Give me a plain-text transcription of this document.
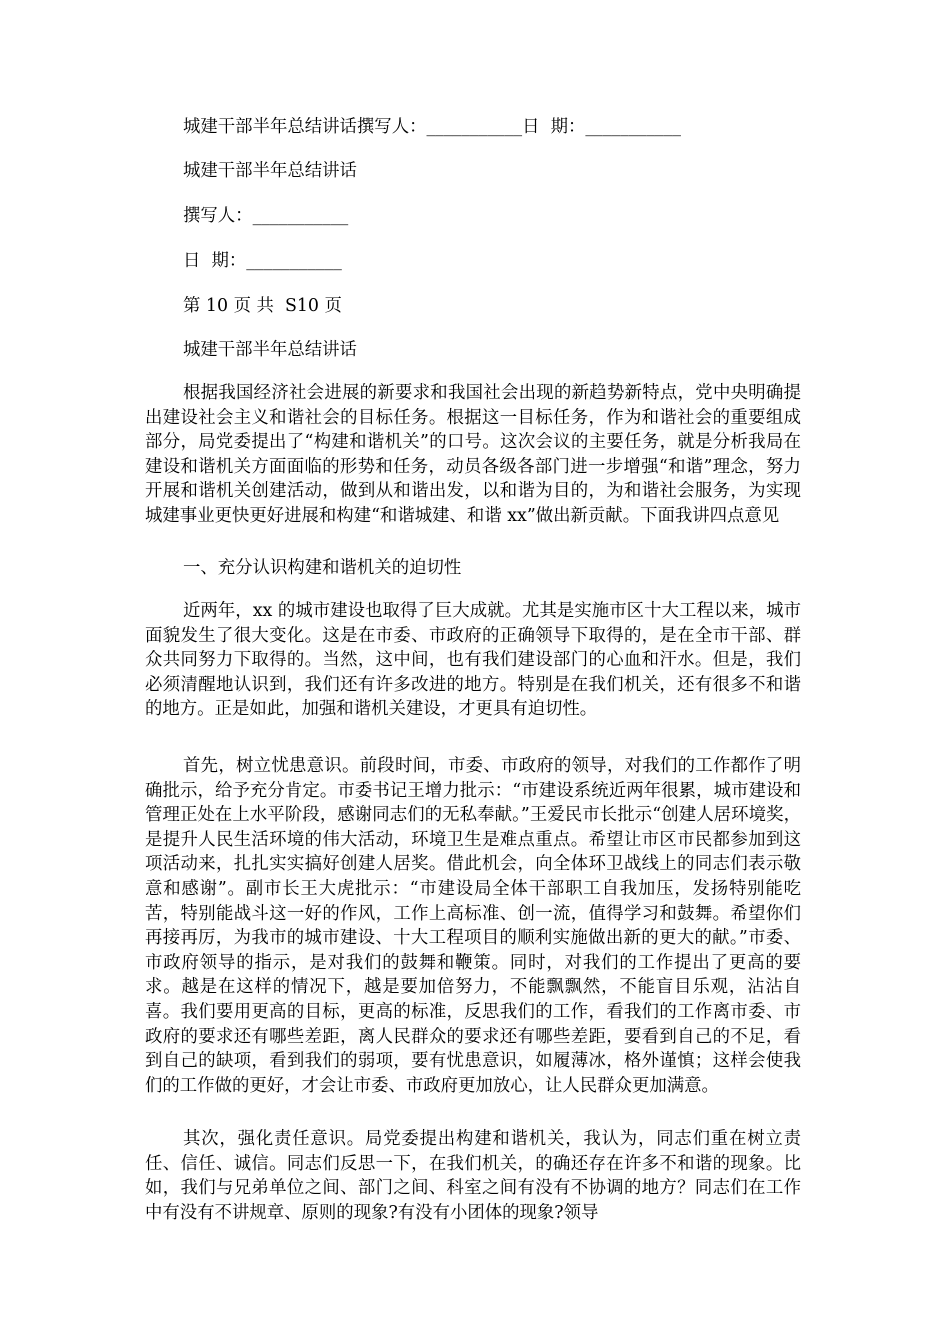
城建干部半年总结讲话撰写人：___________日  期：___________
城建干部半年总结讲话
撰写人：___________
日  期：___________
第 10 页 共  S10 页
城建干部半年总结讲话

根据我国经济社会进展的新要求和我国社会出现的新趋势新特点，党中央明确提出建设社会主义和谐社会的目标任务。根据这一目标任务，作为和谐社会的重要组成部分，局党委提出了“构建和谐机关”的口号。这次会议的主要任务，就是分析我局在建设和谐机关方面面临的形势和任务，动员各级各部门进一步增强“和谐”理念，努力开展和谐机关创建活动，做到从和谐出发，以和谐为目的，为和谐社会服务，为实现城建事业更快更好进展和构建“和谐城建、和谐 xx”做出新贡献。下面我讲四点意见

一、充分认识构建和谐机关的迫切性

近两年，xx 的城市建设也取得了巨大成就。尤其是实施市区十大工程以来，城市面貌发生了很大变化。这是在市委、市政府的正确领导下取得的，是在全市干部、群众共同努力下取得的。当然，这中间，也有我们建设部门的心血和汗水。但是，我们必须清醒地认识到，我们还有许多改进的地方。特别是在我们机关，还有很多不和谐的地方。正是如此，加强和谐机关建设，才更具有迫切性。

首先，树立忧患意识。前段时间，市委、市政府的领导，对我们的工作都作了明确批示，给予充分肯定。市委书记王增力批示：“市建设系统近两年很累，城市建设和管理正处在上水平阶段，感谢同志们的无私奉献。”王爱民市长批示“创建人居环境奖，是提升人民生活环境的伟大活动，环境卫生是难点重点。希望让市区市民都参加到这项活动来，扎扎实实搞好创建人居奖。借此机会，向全体环卫战线上的同志们表示敬意和感谢”。副市长王大虎批示：“市建设局全体干部职工自我加压，发扬特别能吃苦，特别能战斗这一好的作风，工作上高标准、创一流，值得学习和鼓舞。希望你们再接再厉，为我市的城市建设、十大工程项目的顺利实施做出新的更大的献。”市委、市政府领导的指示，是对我们的鼓舞和鞭策。同时，对我们的工作提出了更高的要求。越是在这样的情况下，越是要加倍努力，不能飘飘然，不能盲目乐观，沾沾自喜。我们要用更高的目标，更高的标准，反思我们的工作，看我们的工作离市委、市政府的要求还有哪些差距，离人民群众的要求还有哪些差距，要看到自己的不足，看到自己的缺项，看到我们的弱项，要有忧患意识，如履薄冰，格外谨慎；这样会使我们的工作做的更好，才会让市委、市政府更加放心，让人民群众更加满意。

其次，强化责任意识。局党委提出构建和谐机关，我认为，同志们重在树立责任、信任、诚信。同志们反思一下，在我们机关，的确还存在许多不和谐的现象。比如，我们与兄弟单位之间、部门之间、科室之间有没有不协调的地方？同志们在工作中有没有不讲规章、原则的现象?有没有小团体的现象?领导
